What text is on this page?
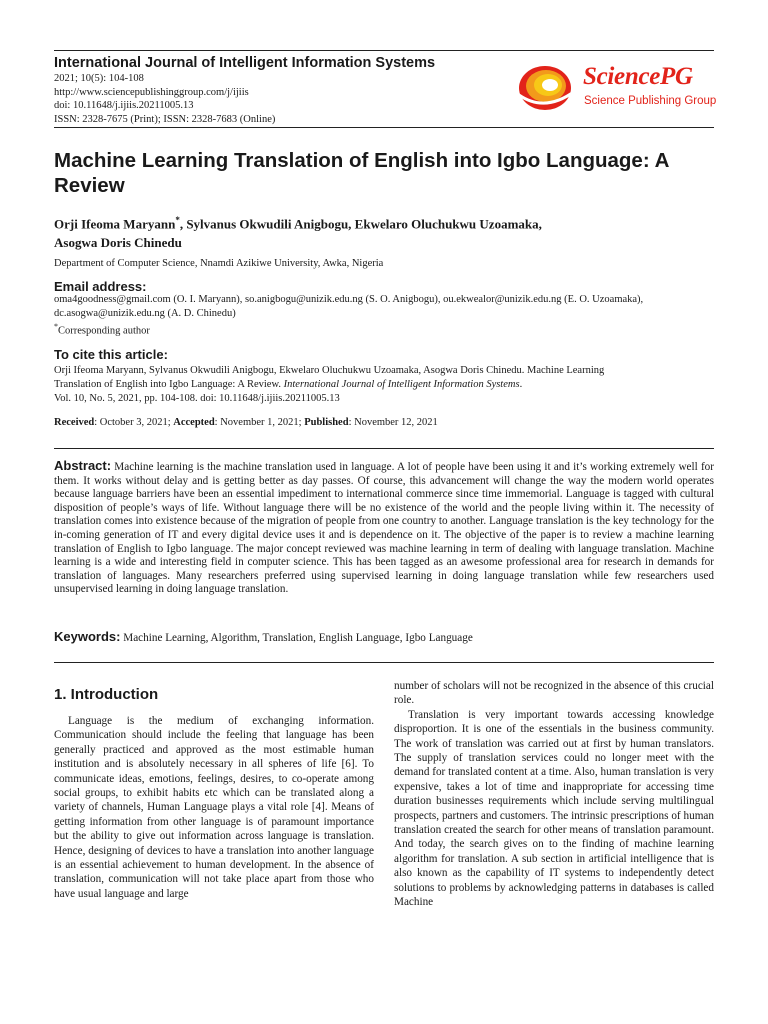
International Journal of Intelligent Information Systems
2021; 10(5): 104-108
http://www.sciencepublishinggroup.com/j/ijiis
doi: 10.11648/j.ijiis.20211005.13
ISSN: 2328-7675 (Print); ISSN: 2328-7683 (Online)
SciencePG
Science Publishing Group
Machine Learning Translation of English into Igbo Language: A Review
Orji Ifeoma Maryann*, Sylvanus Okwudili Anigbogu, Ekwelaro Oluchukwu Uzoamaka,
Asogwa Doris Chinedu
Department of Computer Science, Nnamdi Azikiwe University, Awka, Nigeria
Email address:
oma4goodness@gmail.com (O. I. Maryann), so.anigbogu@unizik.edu.ng (S. O. Anigbogu), ou.ekwealor@unizik.edu.ng (E. O. Uzoamaka),
dc.asogwa@unizik.edu.ng (A. D. Chinedu)
*Corresponding author
To cite this article:
Orji Ifeoma Maryann, Sylvanus Okwudili Anigbogu, Ekwelaro Oluchukwu Uzoamaka, Asogwa Doris Chinedu. Machine Learning
Translation of English into Igbo Language: A Review. International Journal of Intelligent Information Systems.
Vol. 10, No. 5, 2021, pp. 104-108. doi: 10.11648/j.ijiis.20211005.13
Received: October 3, 2021; Accepted: November 1, 2021; Published: November 12, 2021
Abstract: Machine learning is the machine translation used in language. A lot of people have been using it and it’s working extremely well for them. It works without delay and is getting better as day passes. Of course, this advancement will change the way the modern world operates because language barriers have been an essential impediment to international commerce since time immemorial. Language is tagged with cultural disposition of people’s ways of life. Without language there will be no existence of the world and the people living within it. The necessity of translation comes into existence because of the migration of people from one country to another. Language translation is the key technology for the in-coming generation of IT and every digital device uses it and is dependence on it. The objective of the paper is to review a machine learning translation of English to Igbo language. The major concept reviewed was machine learning in term of dealing with language translation. Machine learning is a wide and interesting field in computer science. This has been tagged as an awesome professional area for research in demands for translation of languages. Many researchers preferred using supervised learning in doing language translation while few researchers used unsupervised learning in doing language translation.
Keywords: Machine Learning, Algorithm, Translation, English Language, Igbo Language
1. Introduction

Language is the medium of exchanging information. Communication should include the feeling that language has been generally practiced and approved as the most estimable human institution and is absolutely necessary in all spheres of life [6]. To communicate ideas, emotions, feelings, desires, to co-operate among social groups, to exhibit habits etc which can be translated along a variety of channels, Human Language plays a vital role [4]. Means of getting information from other language is of paramount importance but the ability to give out information across language is translation. Hence, designing of devices to have a translation into another language is an essential achievement to human development. In the absence of translation, communication will not take place apart from those who have usual language and large

number of scholars will not be recognized in the absence of this crucial role.

Translation is very important towards accessing knowledge disproportion. It is one of the essentials in the business community. The work of translation was carried out at first by human translators. The supply of translation services could no longer meet with the demand for translated content at a time. Also, human translation is very expensive, takes a lot of time and inappropriate for accessing time duration businesses requirements which include serving multilingual prospects, partners and customers. The intrinsic prescriptions of human translation created the search for other means of translation paramount. And today, the search gives on to the finding of machine learning algorithm for translation. A sub section in artificial intelligence that is also known as the capability of IT systems to independently detect solutions to problems by acknowledging patterns in databases is called Machine
